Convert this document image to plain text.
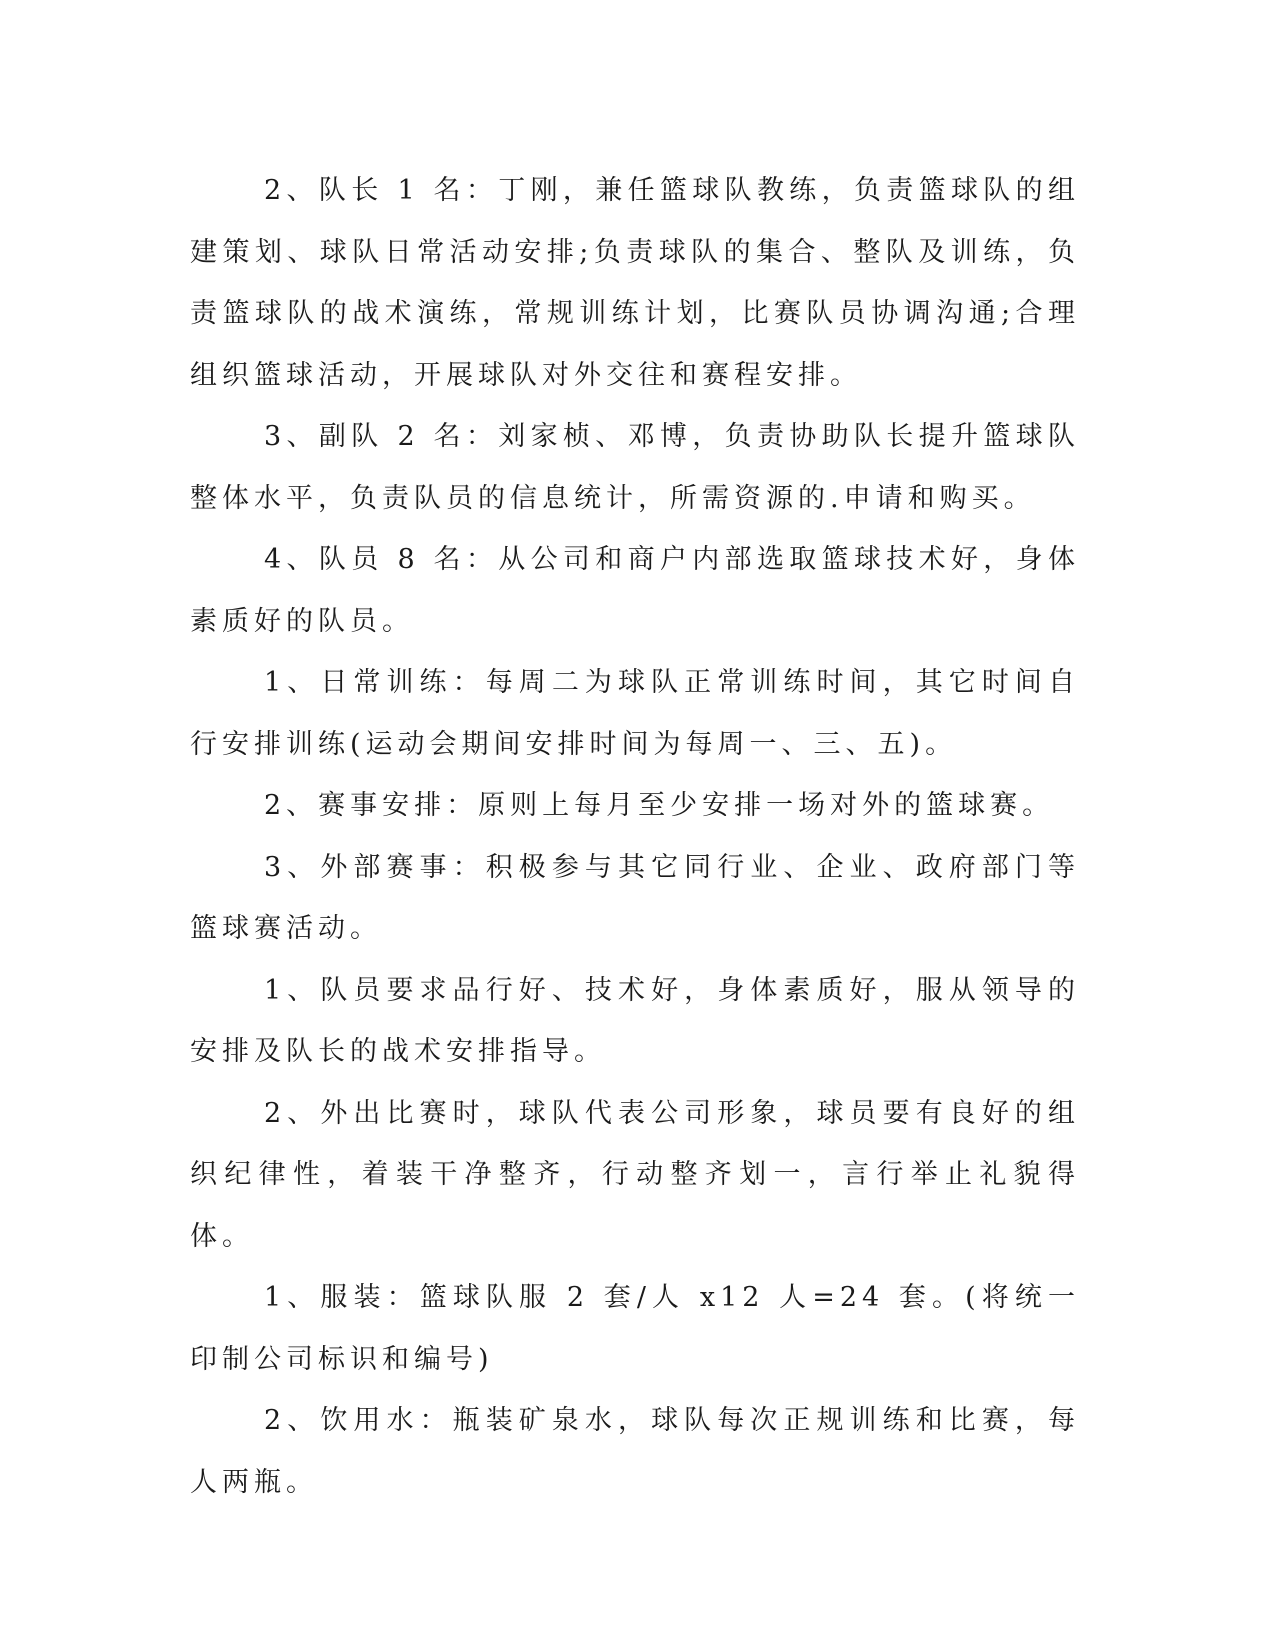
2、队长 1 名：丁刚，兼任篮球队教练，负责篮球队的组建策划、球队日常活动安排;负责球队的集合、整队及训练，负责篮球队的战术演练，常规训练计划，比赛队员协调沟通;合理组织篮球活动，开展球队对外交往和赛程安排。

3、副队 2 名：刘家桢、邓博，负责协助队长提升篮球队整体水平，负责队员的信息统计，所需资源的.申请和购买。

4、队员 8 名：从公司和商户内部选取篮球技术好，身体素质好的队员。

1、日常训练：每周二为球队正常训练时间，其它时间自行安排训练(运动会期间安排时间为每周一、三、五)。

2、赛事安排：原则上每月至少安排一场对外的篮球赛。

3、外部赛事：积极参与其它同行业、企业、政府部门等篮球赛活动。

1、队员要求品行好、技术好，身体素质好，服从领导的安排及队长的战术安排指导。

2、外出比赛时，球队代表公司形象，球员要有良好的组织纪律性，着装干净整齐，行动整齐划一，言行举止礼貌得体。

1、服装：篮球队服 2 套/人 x12 人=24 套。(将统一印制公司标识和编号)

2、饮用水：瓶装矿泉水，球队每次正规训练和比赛，每人两瓶。
